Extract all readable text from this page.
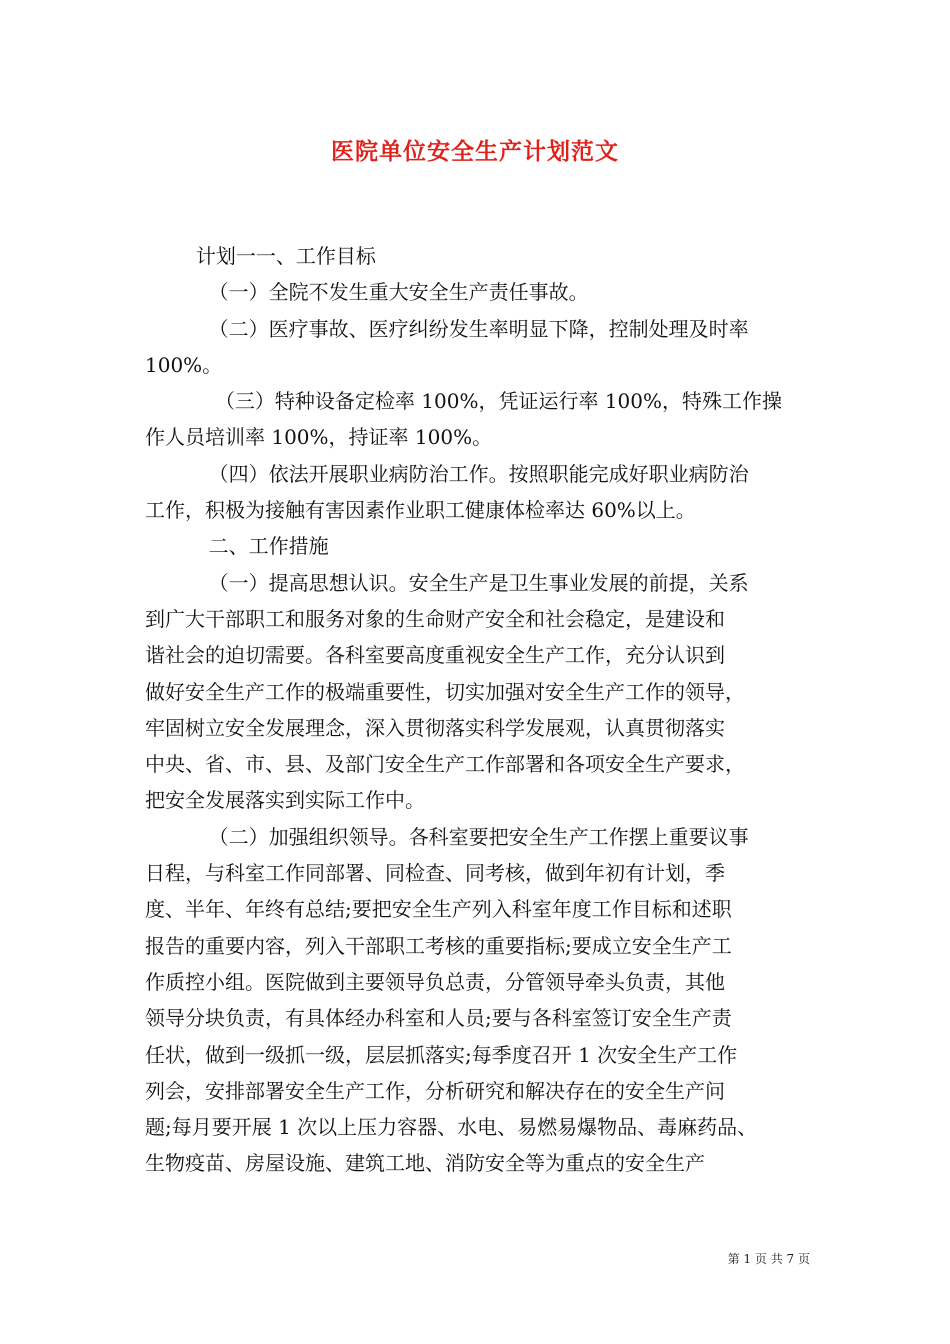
医院单位安全生产计划范文

计划一一、工作目标

（一）全院不发生重大安全生产责任事故。

（二）医疗事故、医疗纠纷发生率明显下降，控制处理及时率

100%。

（三）特种设备定检率 100%，凭证运行率 100%，特殊工作操

作人员培训率 100%，持证率 100%。

（四）依法开展职业病防治工作。按照职能完成好职业病防治

工作，积极为接触有害因素作业职工健康体检率达 60%以上。

二、工作措施

（一）提高思想认识。安全生产是卫生事业发展的前提，关系

到广大干部职工和服务对象的生命财产安全和社会稳定，是建设和

谐社会的迫切需要。各科室要高度重视安全生产工作，充分认识到

做好安全生产工作的极端重要性，切实加强对安全生产工作的领导，

牢固树立安全发展理念，深入贯彻落实科学发展观，认真贯彻落实

中央、省、市、县、及部门安全生产工作部署和各项安全生产要求，

把安全发展落实到实际工作中。

（二）加强组织领导。各科室要把安全生产工作摆上重要议事

日程，与科室工作同部署、同检查、同考核，做到年初有计划，季

度、半年、年终有总结;要把安全生产列入科室年度工作目标和述职

报告的重要内容，列入干部职工考核的重要指标;要成立安全生产工

作质控小组。医院做到主要领导负总责，分管领导牵头负责，其他

领导分块负责，有具体经办科室和人员;要与各科室签订安全生产责

任状，做到一级抓一级，层层抓落实;每季度召开 1 次安全生产工作

列会，安排部署安全生产工作，分析研究和解决存在的安全生产问

题;每月要开展 1 次以上压力容器、水电、易燃易爆物品、毒麻药品、

生物疫苗、房屋设施、建筑工地、消防安全等为重点的安全生产

第 1 页 共 7 页
